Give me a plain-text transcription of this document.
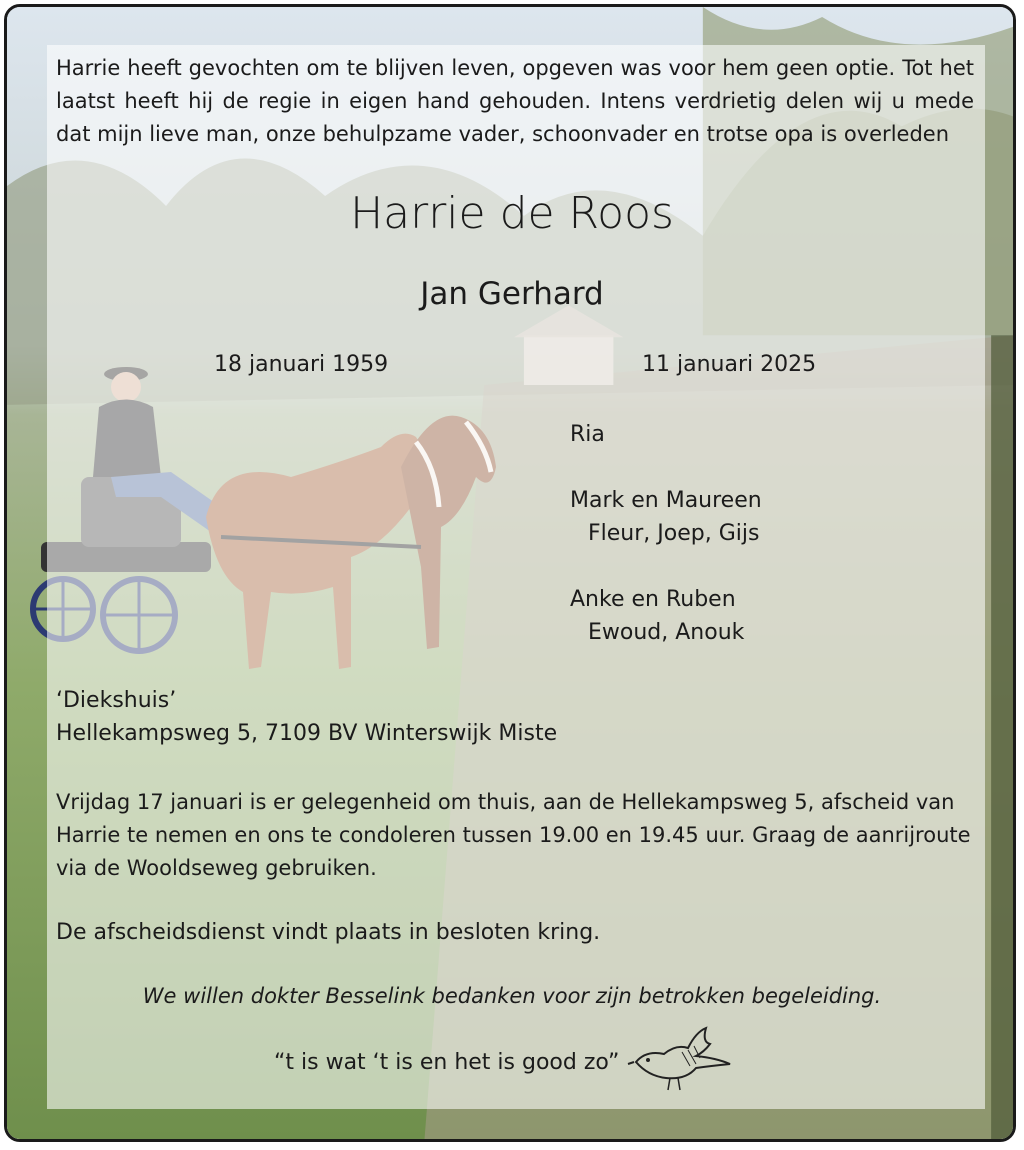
Harrie heeft gevochten om te blijven leven, opgeven was voor hem geen optie. Tot het laatst heeft hij de regie in eigen hand gehouden. Intens verdrietig delen wij u mede dat mijn lieve man, onze behulpzame vader, schoonvader en trotse opa is overleden
Harrie de Roos
Jan Gerhard
18 januari 1959	11 januari 2025
Ria
Mark en Maureen
Fleur, Joep, Gijs
Anke en Ruben
Ewoud, Anouk
‘Diekshuis’
Hellekampsweg 5, 7109 BV Winterswijk Miste
Vrijdag 17 januari is er gelegenheid om thuis, aan de Hellekampsweg 5, afscheid van Harrie te nemen en ons te condoleren tussen 19.00 en 19.45 uur. Graag de aanrijroute via de Wooldseweg gebruiken.
De afscheidsdienst vindt plaats in besloten kring.
We willen dokter Besselink bedanken voor zijn betrokken begeleiding.
“t is wat ‘t is en het is good zo”
